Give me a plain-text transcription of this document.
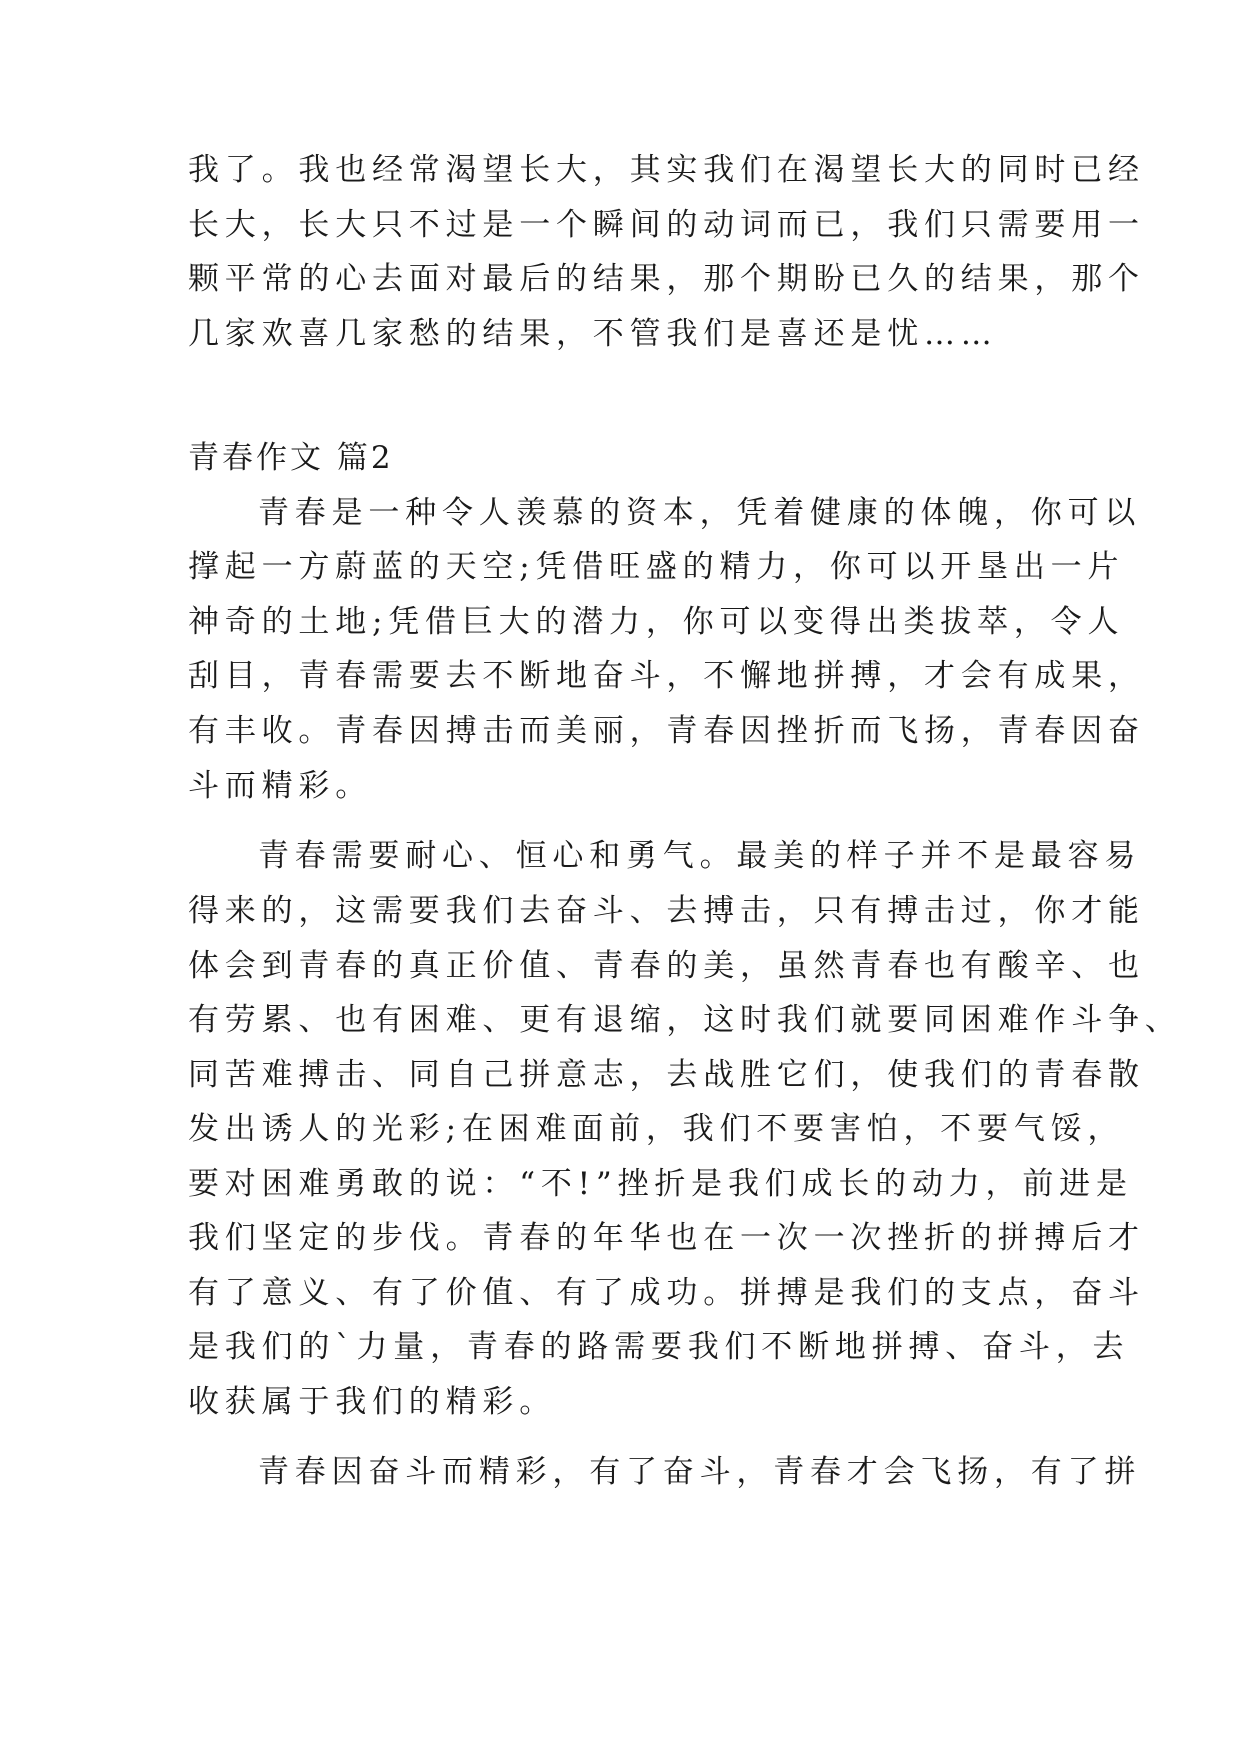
我了。我也经常渴望长大，其实我们在渴望长大的同时已经
长大，长大只不过是一个瞬间的动词而已，我们只需要用一
颗平常的心去面对最后的结果，那个期盼已久的结果，那个
几家欢喜几家愁的结果，不管我们是喜还是忧……
青春作文 篇2
青春是一种令人羡慕的资本，凭着健康的体魄，你可以
撑起一方蔚蓝的天空;凭借旺盛的精力，你可以开垦出一片
神奇的土地;凭借巨大的潜力，你可以变得出类拔萃，令人
刮目，青春需要去不断地奋斗，不懈地拼搏，才会有成果，
有丰收。青春因搏击而美丽，青春因挫折而飞扬，青春因奋
斗而精彩。
青春需要耐心、恒心和勇气。最美的样子并不是最容易
得来的，这需要我们去奋斗、去搏击，只有搏击过，你才能
体会到青春的真正价值、青春的美，虽然青春也有酸辛、也
有劳累、也有困难、更有退缩，这时我们就要同困难作斗争、
同苦难搏击、同自己拼意志，去战胜它们，使我们的青春散
发出诱人的光彩;在困难面前，我们不要害怕，不要气馁，
要对困难勇敢的说：“不!”挫折是我们成长的动力，前进是
我们坚定的步伐。青春的年华也在一次一次挫折的拼搏后才
有了意义、有了价值、有了成功。拼搏是我们的支点，奋斗
是我们的`力量，青春的路需要我们不断地拼搏、奋斗，去
收获属于我们的精彩。
青春因奋斗而精彩，有了奋斗，青春才会飞扬，有了拼
